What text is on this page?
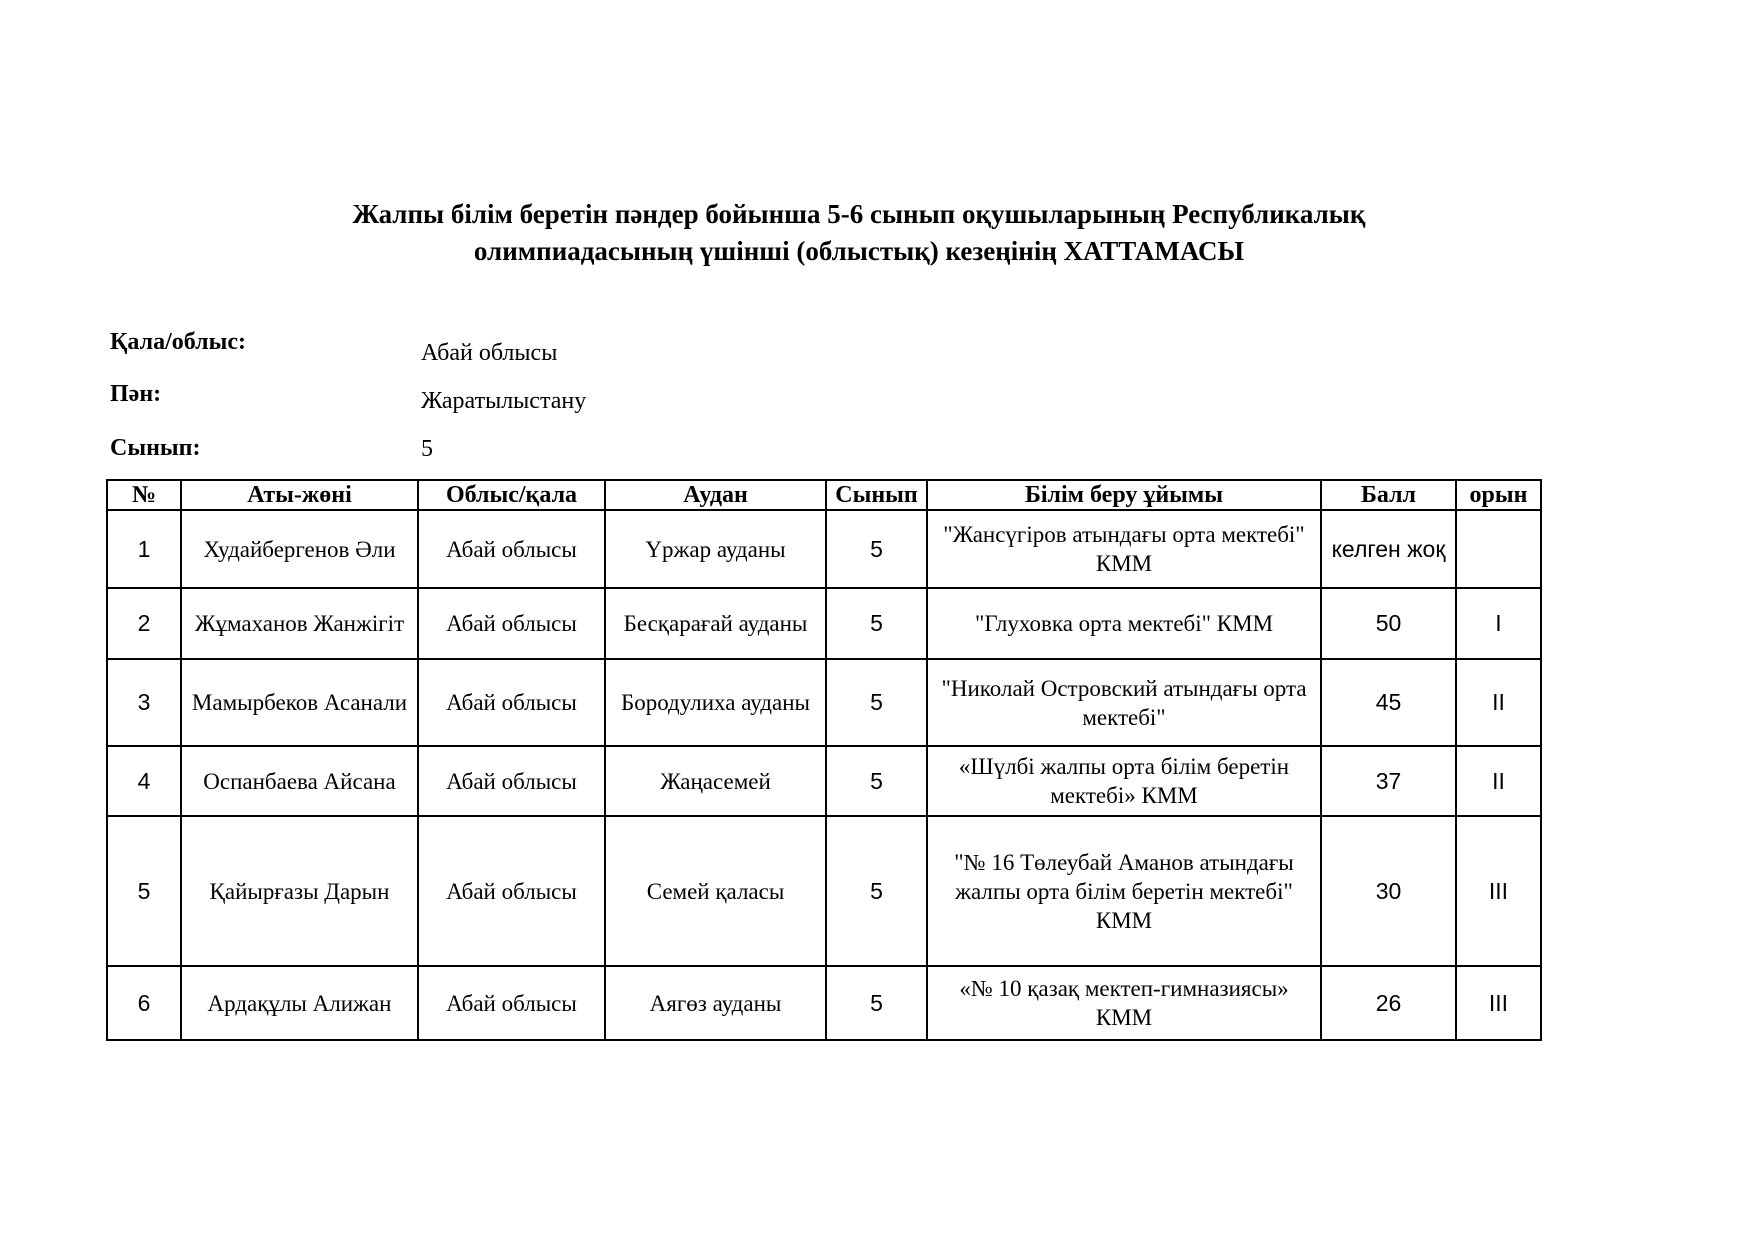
Жалпы білім беретін пәндер бойынша 5-6 сынып оқушыларының Республикалық
олимпиадасының үшінші (облыстық) кезеңінің ХАТТАМАСЫ
Қала/облыс:	Абай облысы
Пән:	Жаратылыстану
Сынып:	5
№	Аты-жөні	Облыс/қала	Аудан	Сынып	Білім беру ұйымы	Балл	орын
1	Худайбергенов Әли	Абай облысы	Үржар ауданы	5	"Жансүгіров атындағы орта мектебі" КММ	келген жоқ	
2	Жұмаханов Жанжігіт	Абай облысы	Бесқарағай ауданы	5	"Глуховка орта мектебі" КММ	50	I
3	Мамырбеков Асанали	Абай облысы	Бородулиха ауданы	5	"Николай Островский атындағы орта мектебі"	45	II
4	Оспанбаева Айсана	Абай облысы	Жаңасемей	5	«Шүлбі жалпы орта білім беретін мектебі» КММ	37	II
5	Қайырғазы Дарын	Абай облысы	Семей қаласы	5	"№ 16 Төлеубай Аманов атындағы жалпы орта білім беретін мектебі" КММ	30	III
6	Ардақұлы Алижан	Абай облысы	Аягөз ауданы	5	«№ 10 қазақ мектеп-гимназиясы» КММ	26	III
